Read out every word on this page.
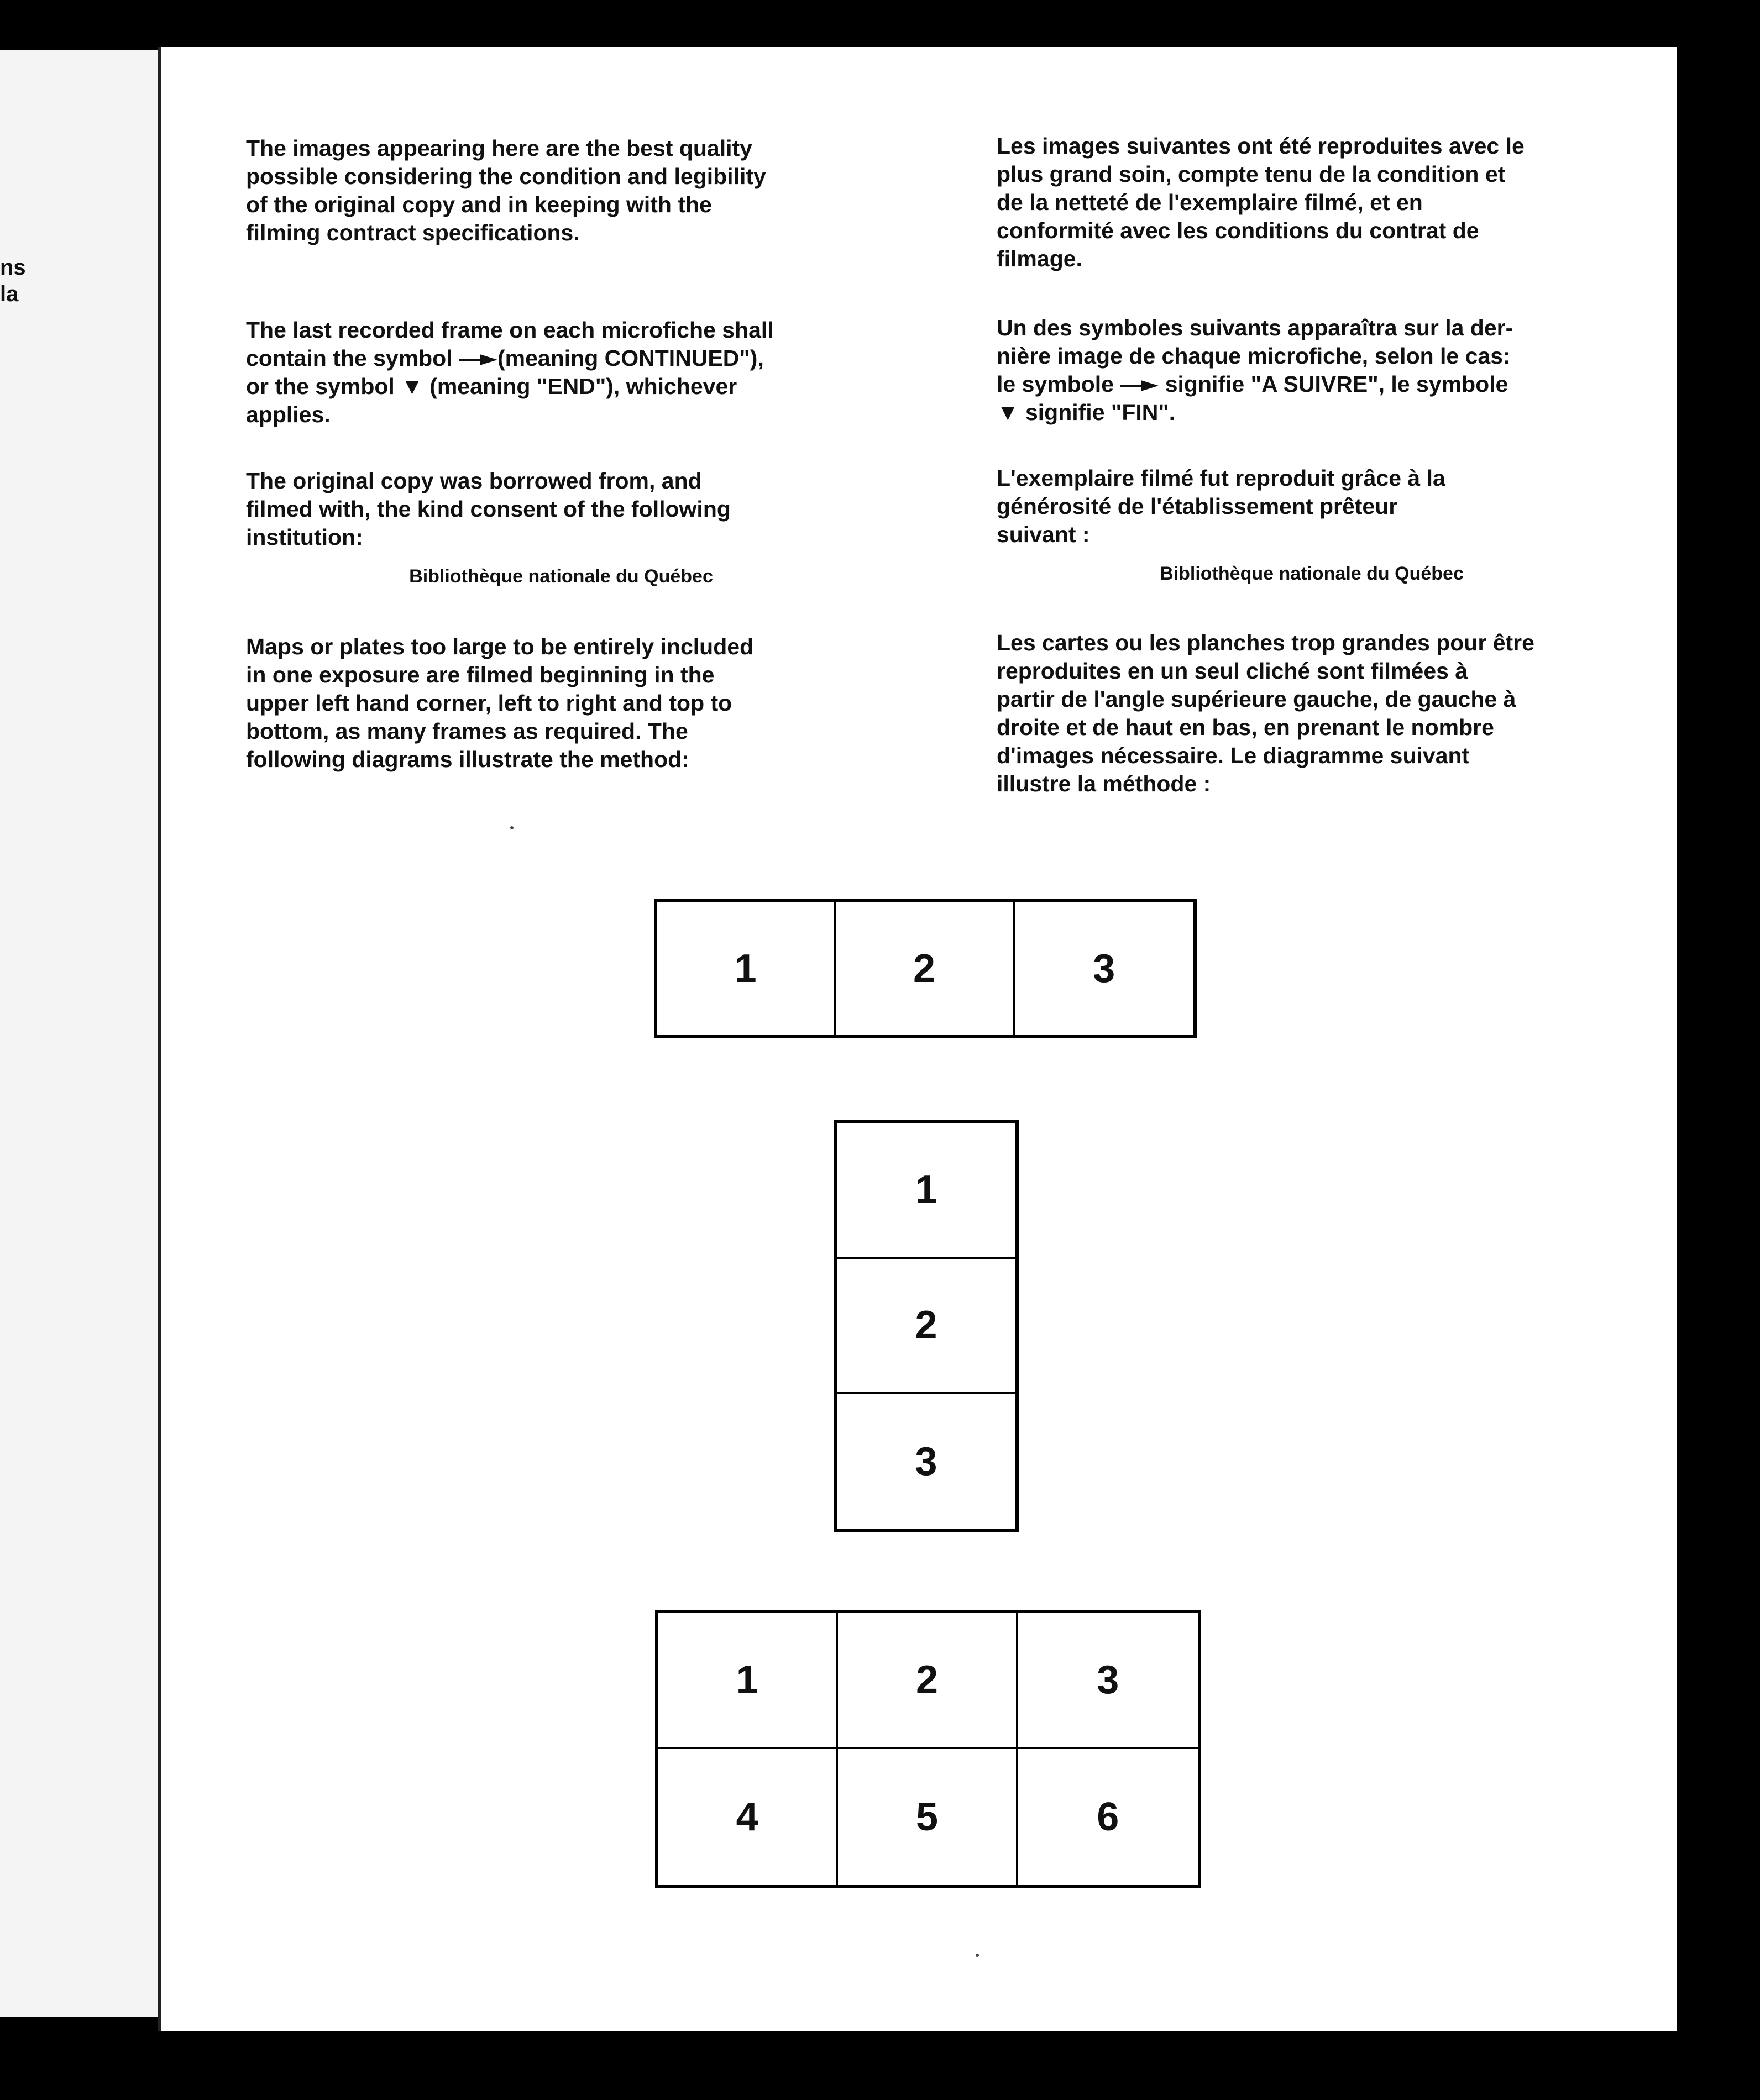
ns
la

The images appearing here are the best quality
possible considering the condition and legibility
of the original copy and in keeping with the
filming contract specifications.

The last recorded frame on each microfiche shall

contain the symbol (meaning CONTINUED"),

or the symbol ▼ (meaning "END"), whichever

applies.

The original copy was borrowed from, and
filmed with, the kind consent of the following
institution:

Bibliothèque nationale du Québec

Maps or plates too large to be entirely included
in one exposure are filmed beginning in the
upper left hand corner, left to right and top to
bottom, as many frames as required. The
following diagrams illustrate the method:

Les images suivantes ont été reproduites avec le
plus grand soin, compte tenu de la condition et
de la netteté de l'exemplaire filmé, et en
conformité avec les conditions du contrat de
filmage.

Un des symboles suivants apparaîtra sur la der-

nière image de chaque microfiche, selon le cas:

le symbole  signifie "A SUIVRE", le symbole

▼ signifie "FIN".

L'exemplaire filmé fut reproduit grâce à la
générosité de l'établissement prêteur
suivant :

Bibliothèque nationale du Québec

Les cartes ou les planches trop grandes pour être
reproduites en un seul cliché sont filmées à
partir de l'angle supérieure gauche, de gauche à
droite et de haut en bas, en prenant le nombre
d'images nécessaire. Le diagramme suivant
illustre la méthode :

1	2	3
1
2
3
1	2	3
4	5	6
